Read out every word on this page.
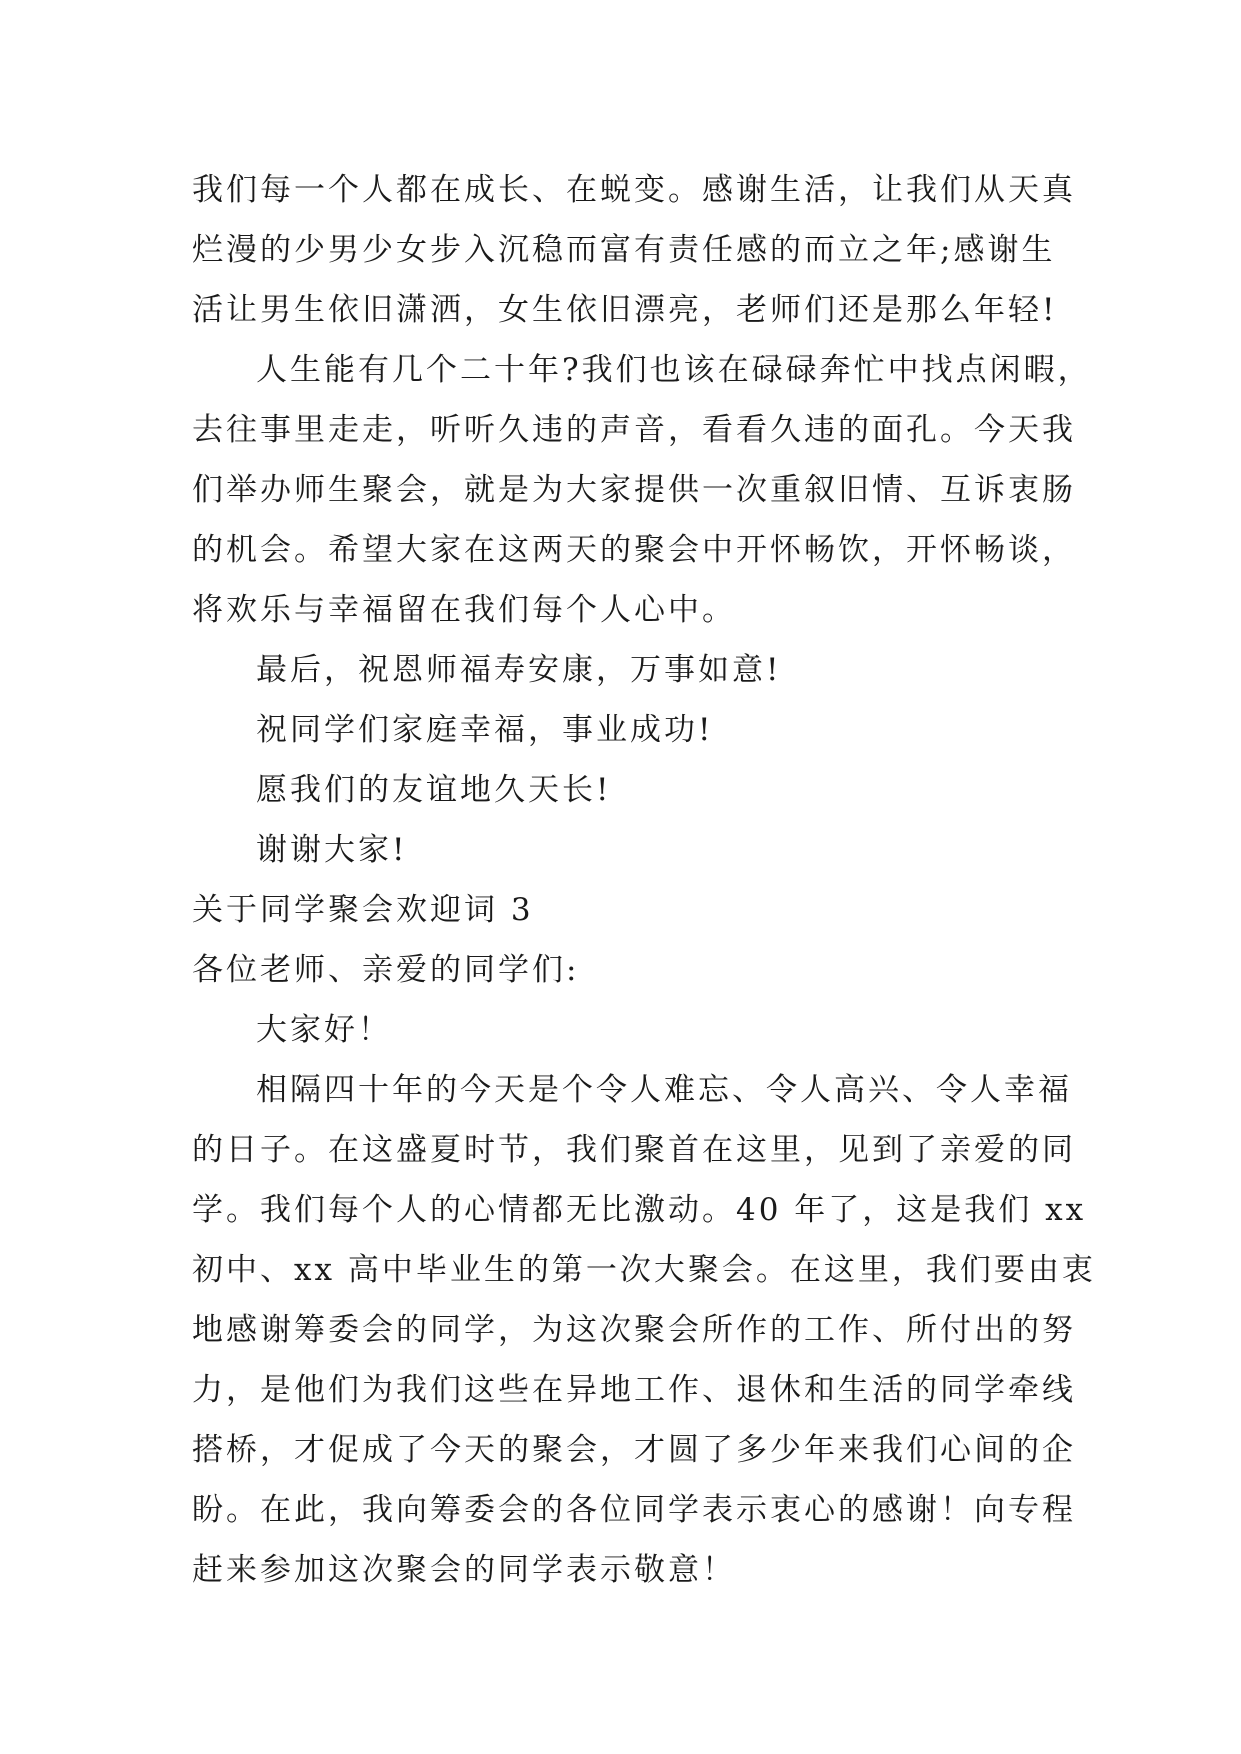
我们每一个人都在成长、在蜕变。感谢生活，让我们从天真
烂漫的少男少女步入沉稳而富有责任感的而立之年;感谢生
活让男生依旧潇洒，女生依旧漂亮，老师们还是那么年轻!
人生能有几个二十年?我们也该在碌碌奔忙中找点闲暇，
去往事里走走，听听久违的声音，看看久违的面孔。今天我
们举办师生聚会，就是为大家提供一次重叙旧情、互诉衷肠
的机会。希望大家在这两天的聚会中开怀畅饮，开怀畅谈，
将欢乐与幸福留在我们每个人心中。
最后，祝恩师福寿安康，万事如意!
祝同学们家庭幸福，事业成功!
愿我们的友谊地久天长!
谢谢大家!
关于同学聚会欢迎词 3
各位老师、亲爱的同学们:
大家好！
相隔四十年的今天是个令人难忘、令人高兴、令人幸福
的日子。在这盛夏时节，我们聚首在这里，见到了亲爱的同
学。我们每个人的心情都无比激动。40 年了，这是我们 xx
初中、xx 高中毕业生的第一次大聚会。在这里，我们要由衷
地感谢筹委会的同学，为这次聚会所作的工作、所付出的努
力，是他们为我们这些在异地工作、退休和生活的同学牵线
搭桥，才促成了今天的聚会，才圆了多少年来我们心间的企
盼。在此，我向筹委会的各位同学表示衷心的感谢！向专程
赶来参加这次聚会的同学表示敬意！
